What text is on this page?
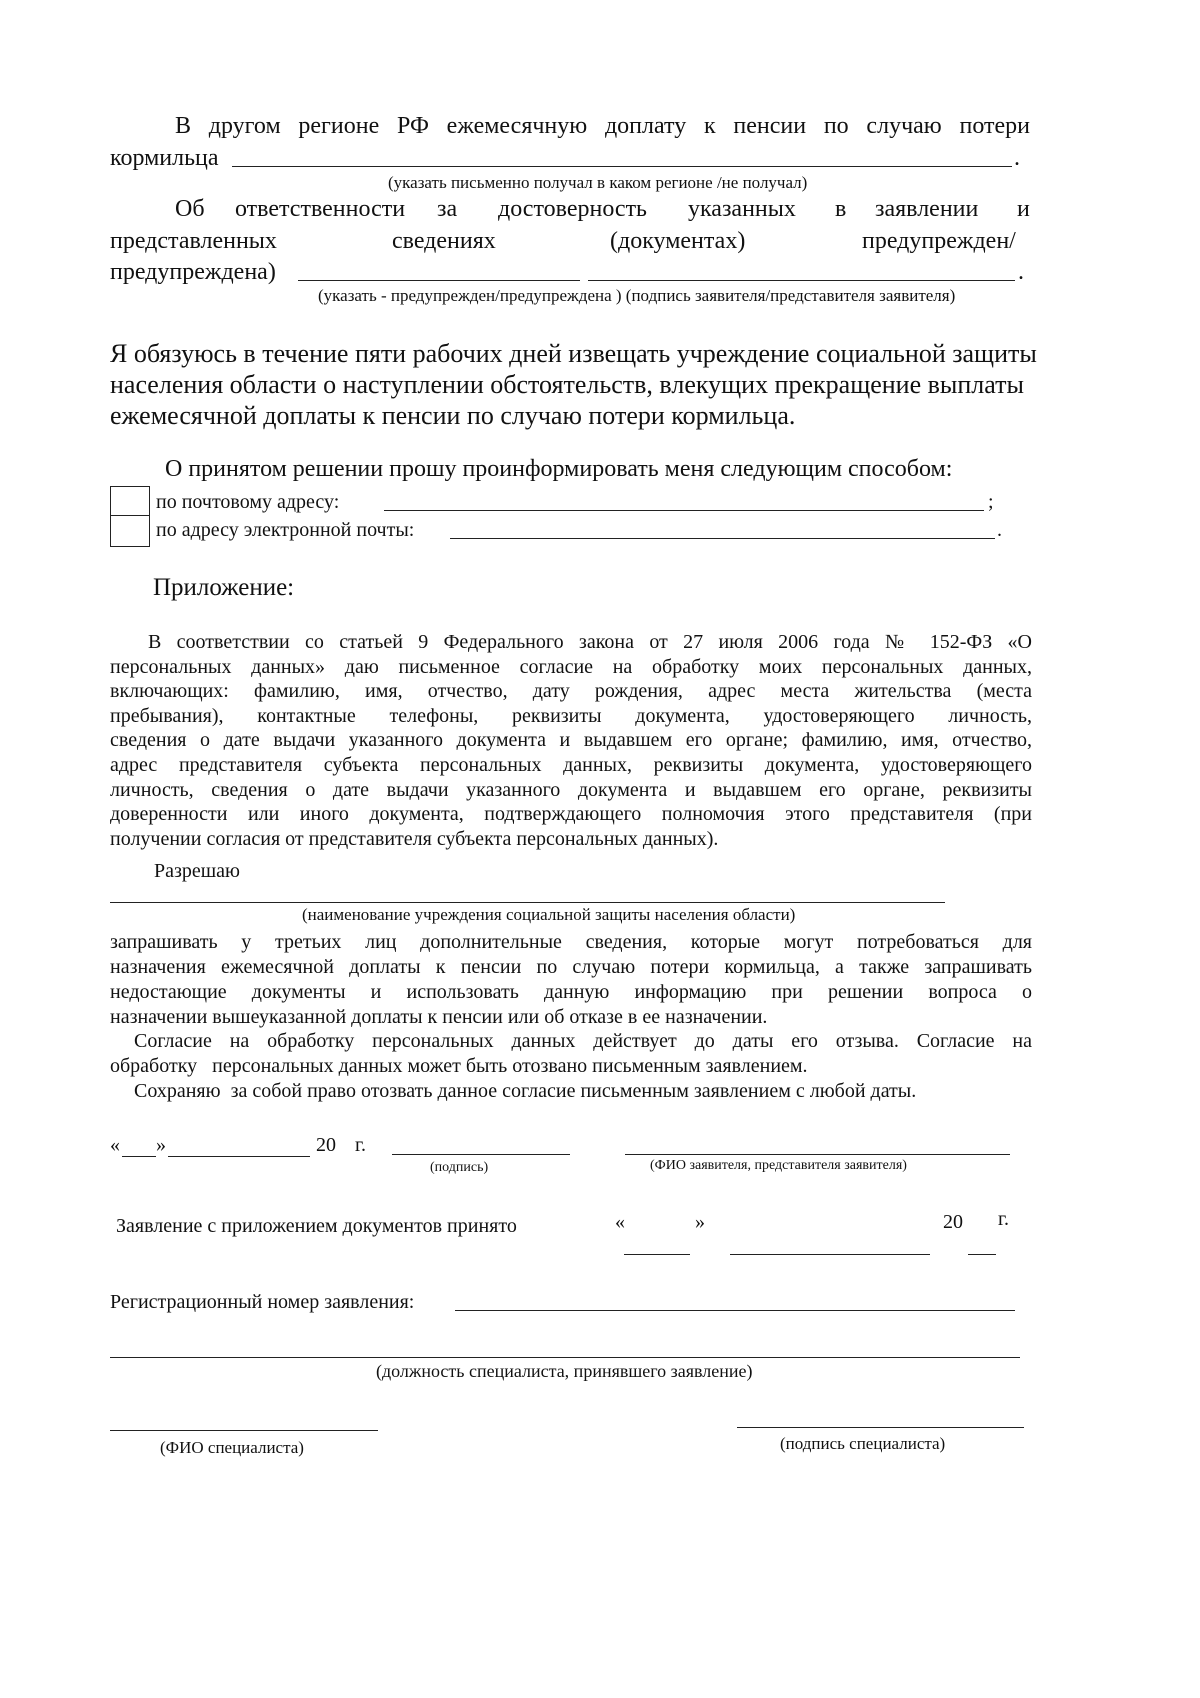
В другом регионе РФ ежемесячную доплату к пенсии по случаю потери
кормильца	.
(указать письменно получал в каком регионе /не получал)
Об ответственности за достоверность указанных в заявлении и
представленных	сведениях	(документах)	предупрежден/
предупреждена)	.
(указать - предупрежден/предупреждена ) (подпись заявителя/представителя заявителя)
Я обязуюсь в течение пяти рабочих дней извещать учреждение социальной защиты
населения области о наступлении обстоятельств, влекущих прекращение выплаты
ежемесячной доплаты к пенсии по случаю потери кормильца.
О принятом решении прошу проинформировать меня следующим способом:
по почтовому адресу:	;
по адресу электронной почты:	.
Приложение:
В соответствии со статьей 9 Федерального закона от 27 июля 2006 года № 152-ФЗ «О
персональных данных» даю письменное согласие на обработку моих персональных данных,
включающих: фамилию, имя, отчество, дату рождения, адрес места жительства (места
пребывания), контактные телефоны, реквизиты документа, удостоверяющего личность,
сведения о дате выдачи указанного документа и выдавшем его органе; фамилию, имя, отчество,
адрес представителя субъекта персональных данных, реквизиты документа, удостоверяющего
личность, сведения о дате выдачи указанного документа и выдавшем его органе, реквизиты
доверенности или иного документа, подтверждающего полномочия этого представителя (при
получении согласия от представителя субъекта персональных данных).
Разрешаю
(наименование учреждения социальной защиты населения области)
запрашивать у третьих лиц дополнительные сведения, которые могут потребоваться для
назначения ежемесячной доплаты к пенсии по случаю потери кормильца, а также запрашивать
недостающие документы и использовать данную информацию при решении вопроса о
назначении вышеуказанной доплаты к пенсии или об отказе в ее назначении.
Согласие на обработку персональных данных действует до даты его отзыва. Согласие на
обработку   персональных данных может быть отозвано письменным заявлением.
Сохраняю  за собой право отозвать данное согласие письменным заявлением с любой даты.
« »	20 г.
(подпись)	(ФИО заявителя, представителя заявителя)
Заявление с приложением документов принято	«	»	20 г.
Регистрационный номер заявления:
(должность специалиста, принявшего заявление)
(ФИО специалиста)	(подпись специалиста)
